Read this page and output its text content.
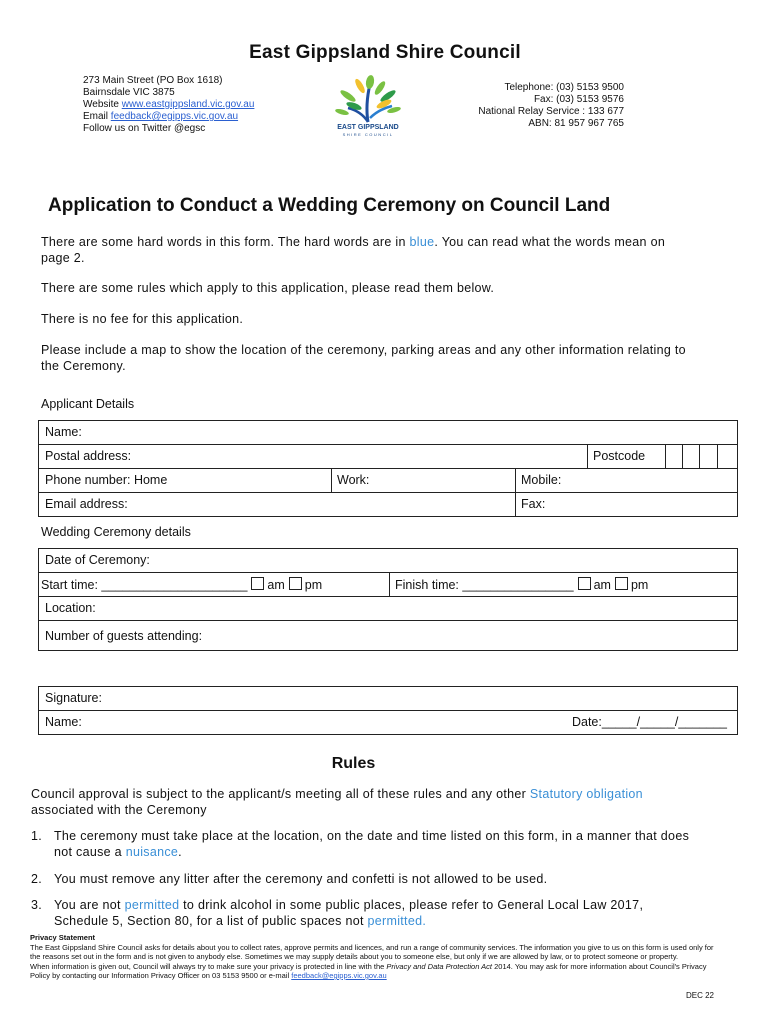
East Gippsland Shire Council
273 Main Street (PO Box 1618)
Bairnsdale VIC 3875
Website www.eastgippsland.vic.gov.au
Email feedback@egipps.vic.gov.au
Follow us on Twitter @egsc	EAST GIPPSLAND
SHIRE COUNCIL
Telephone: (03) 5153 9500
Fax: (03) 5153 9576
National Relay Service : 133 677
ABN: 81 957 967 765
Application to Conduct a Wedding Ceremony on Council Land
There are some hard words in this form. The hard words are in blue. You can read what the words mean on page 2.
There are some rules which apply to this application, please read them below.
There is no fee for this application.
Please include a map to show the location of the ceremony, parking areas and any other information relating to the Ceremony.
Applicant Details
Name:
Postal address:	Postcode
Phone number: Home	Work:	Mobile:
Email address:	Fax:
Wedding Ceremony details
Date of Ceremony:
Start time: _____________________ am pm	Finish time: ________________ am pm
Location:
Number of guests attending:
Signature:
Name:	Date:_____/_____/_______
Rules
Council approval is subject to the applicant/s meeting all of these rules and any other Statutory obligation associated with the Ceremony
1. The ceremony must take place at the location, on the date and time listed on this form, in a manner that does not cause a nuisance.
2. You must remove any litter after the ceremony and confetti is not allowed to be used.
3. You are not permitted to drink alcohol in some public places, please refer to General Local Law 2017, Schedule 5, Section 80, for a list of public spaces not permitted.
Privacy Statement
The East Gippsland Shire Council asks for details about you to collect rates, approve permits and licences, and run a range of community services. The information you give to us on this form is used only for the reasons set out in the form and is not given to anybody else. Sometimes we may supply details about you to someone else, but only if we are allowed by law, or to protect someone or property.
When information is given out, Council will always try to make sure your privacy is protected in line with the Privacy and Data Protection Act 2014. You may ask for more information about Council's Privacy Policy by contacting our Information Privacy Officer on 03 5153 9500 or e-mail feedback@egipps.vic.gov.au
DEC 22
